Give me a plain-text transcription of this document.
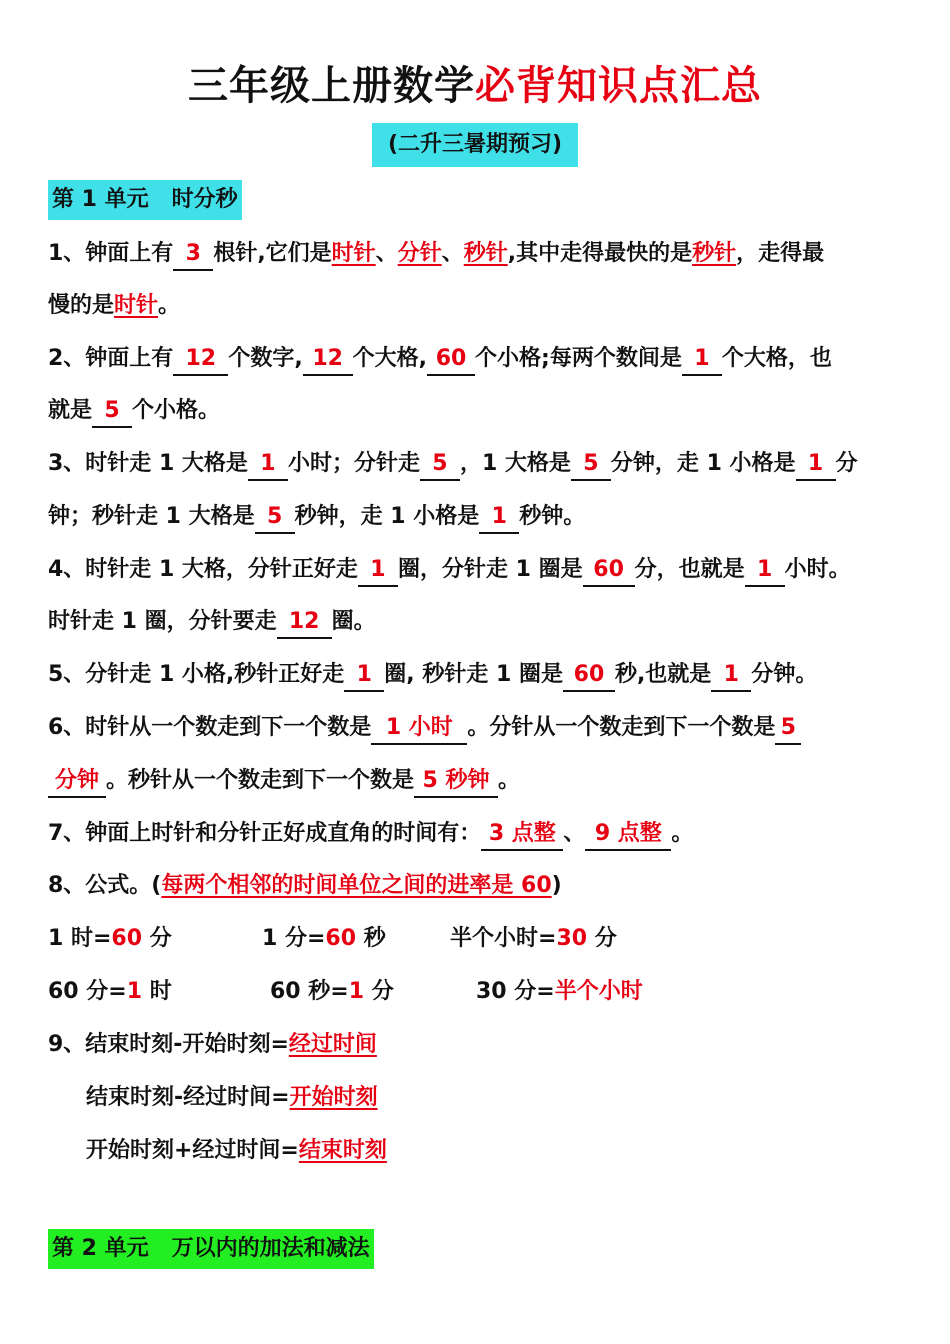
三年级上册数学必背知识点汇总
(二升三暑期预习)
第 1 单元   时分秒
1、钟面上有 3 根针,它们是时针、分针、秒针,其中走得最快的是秒针，走得最
慢的是时针。
2、钟面上有 12 个数字, 12 个大格, 60 个小格;每两个数间是 1 个大格，也
就是 5 个小格。
3、时针走 1 大格是 1 小时；分针走 5 ，1 大格是 5 分钟，走 1 小格是 1 分
钟；秒针走 1 大格是 5 秒钟，走 1 小格是 1 秒钟。
4、时针走 1 大格，分针正好走 1 圈，分针走 1 圈是 60 分，也就是 1 小时。
时针走 1 圈，分针要走 12 圈。
5、分针走 1 小格,秒针正好走 1 圈, 秒针走 1 圈是 60 秒,也就是 1 分钟。
6、时针从一个数走到下一个数是 1 小时 。分针从一个数走到下一个数是 5
分钟 。秒针从一个数走到下一个数是 5 秒钟 。
7、钟面上时针和分针正好成直角的时间有： 3 点整 、 9 点整 。
8、公式。(每两个相邻的时间单位之间的进率是 60)
1 时=60 分	1 分=60 秒	半个小时=30 分
60 分=1 时	60 秒=1 分	30 分=半个小时
9、结束时刻-开始时刻=经过时间
结束时刻-经过时间=开始时刻
开始时刻+经过时间=结束时刻
第 2 单元   万以内的加法和减法
